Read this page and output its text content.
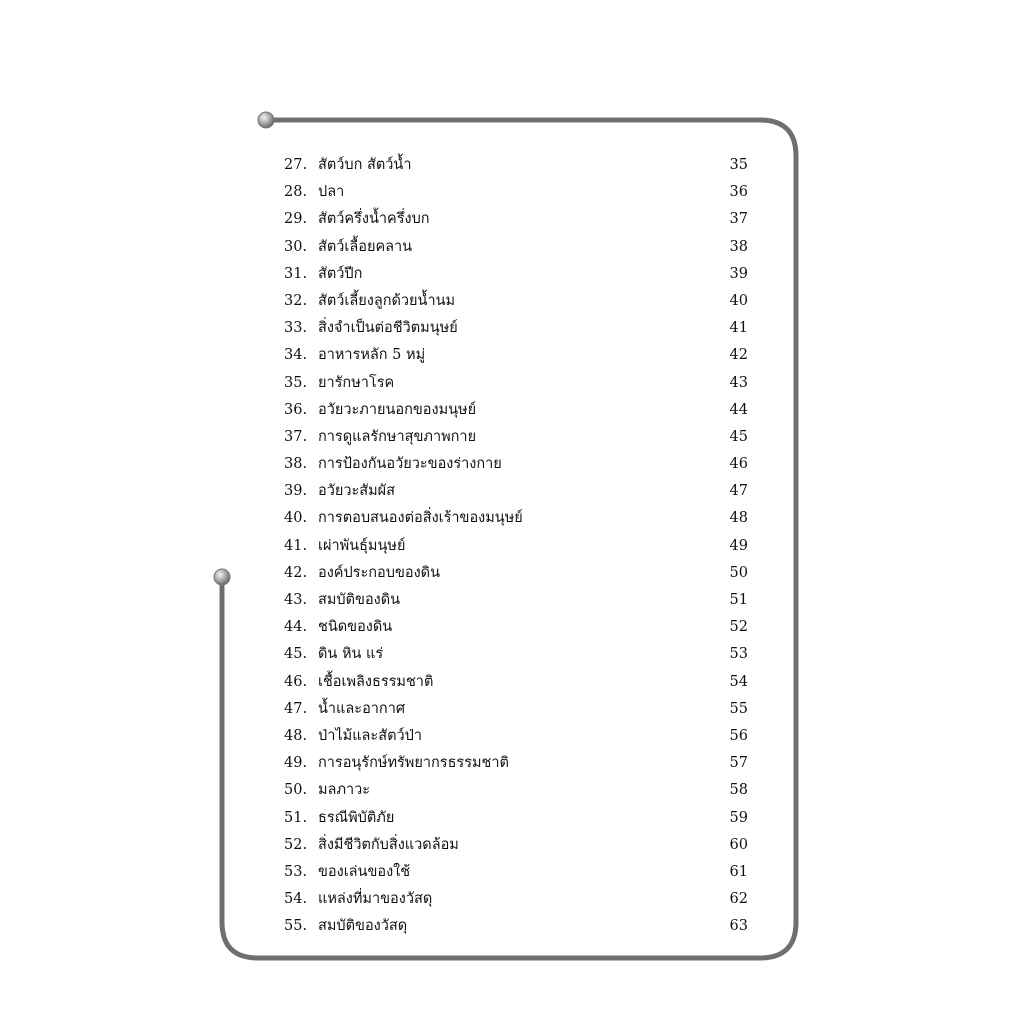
27. สัตว์บก สัตว์น้ำ	35
28. ปลา	36
29. สัตว์ครึ่งน้ำครึ่งบก	37
30. สัตว์เลื้อยคลาน	38
31. สัตว์ปีก	39
32. สัตว์เลี้ยงลูกด้วยน้ำนม	40
33. สิ่งจำเป็นต่อชีวิตมนุษย์	41
34. อาหารหลัก 5 หมู่	42
35. ยารักษาโรค	43
36. อวัยวะภายนอกของมนุษย์	44
37. การดูแลรักษาสุขภาพกาย	45
38. การป้องกันอวัยวะของร่างกาย	46
39. อวัยวะสัมผัส	47
40. การตอบสนองต่อสิ่งเร้าของมนุษย์	48
41. เผ่าพันธุ์มนุษย์	49
42. องค์ประกอบของดิน	50
43. สมบัติของดิน	51
44. ชนิดของดิน	52
45. ดิน หิน แร่	53
46. เชื้อเพลิงธรรมชาติ	54
47. น้ำและอากาศ	55
48. ป่าไม้และสัตว์ป่า	56
49. การอนุรักษ์ทรัพยากรธรรมชาติ	57
50. มลภาวะ	58
51. ธรณีพิบัติภัย	59
52. สิ่งมีชีวิตกับสิ่งแวดล้อม	60
53. ของเล่นของใช้	61
54. แหล่งที่มาของวัสดุ	62
55. สมบัติของวัสดุ	63
